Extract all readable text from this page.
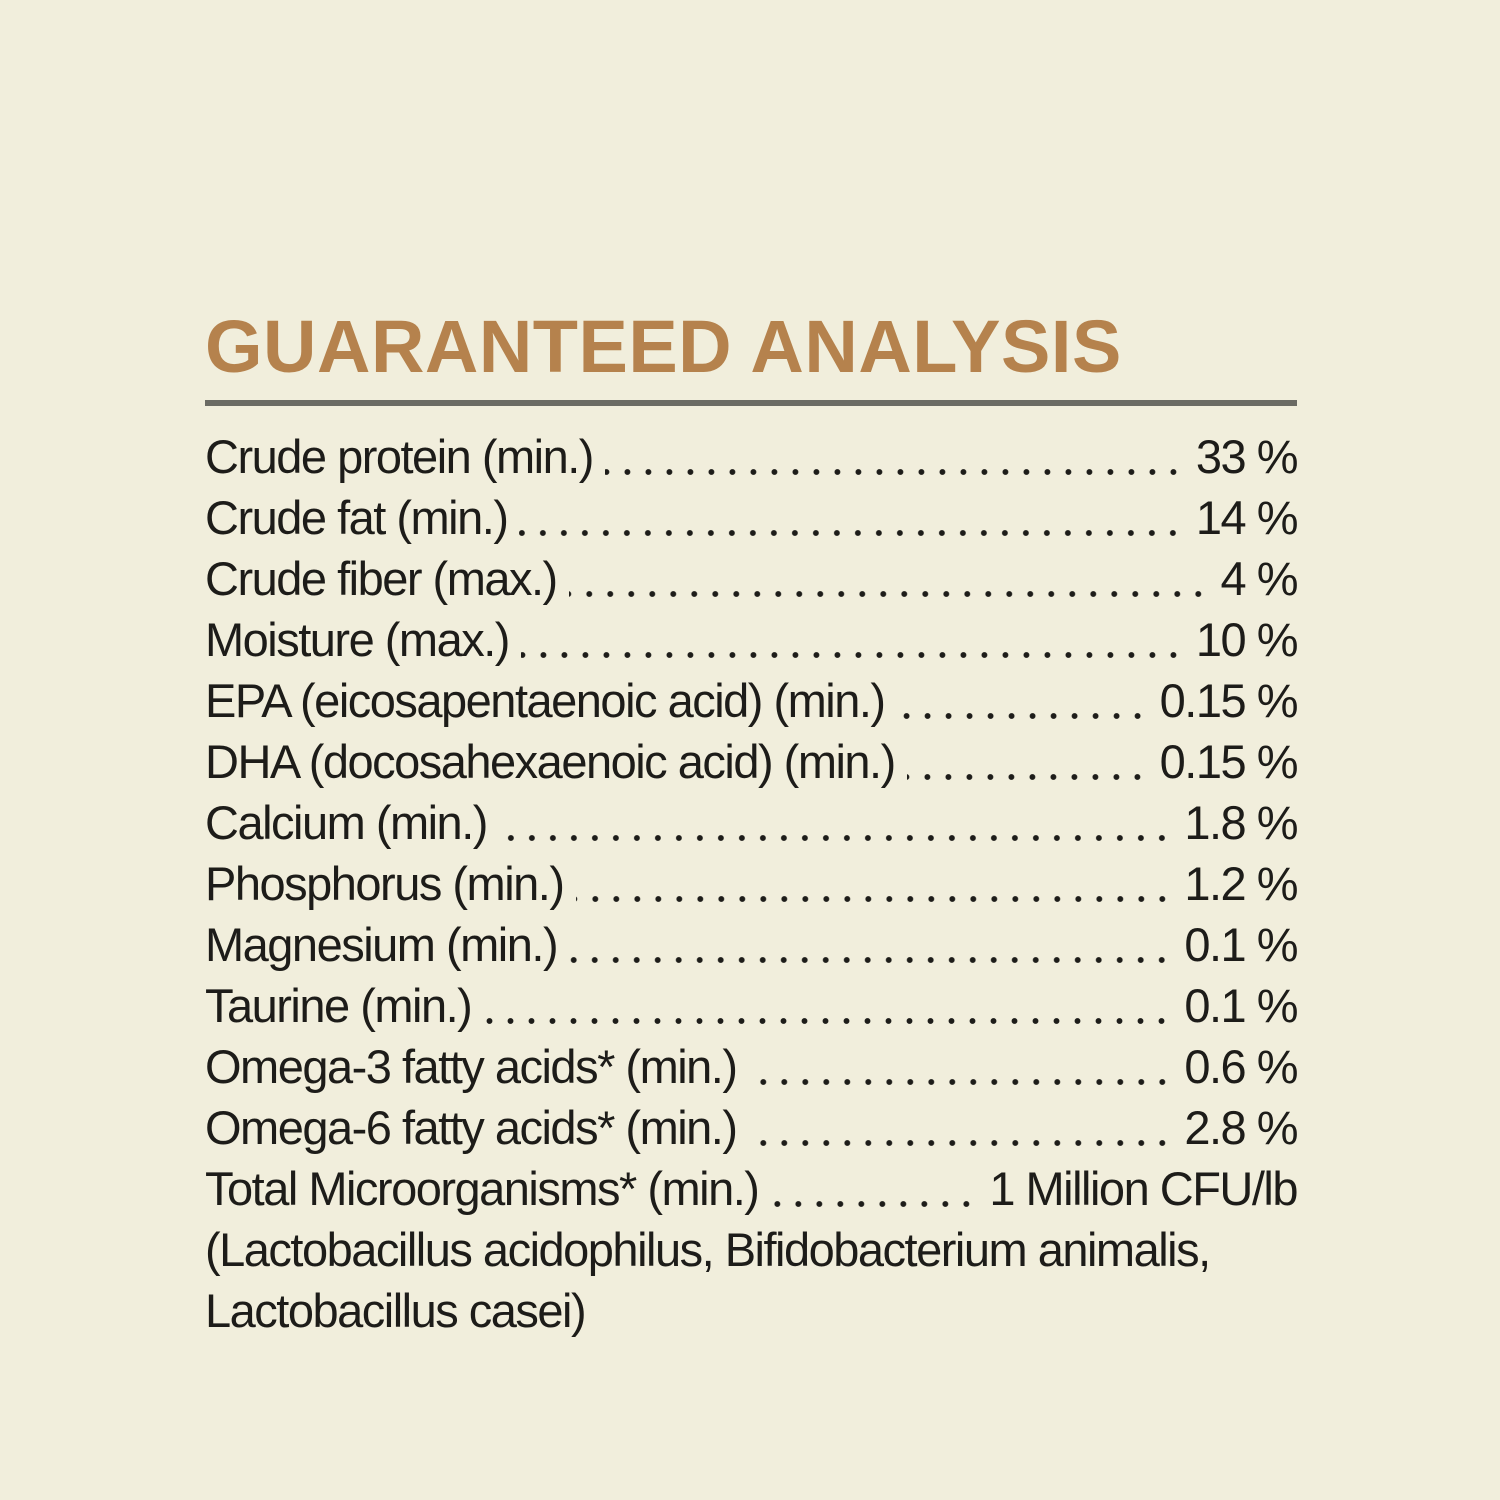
GUARANTEED ANALYSIS
Crude protein (min.)	33 %
Crude fat (min.)	14 %
Crude fiber (max.)	4 %
Moisture (max.)	10 %
EPA (eicosapentaenoic acid) (min.)	0.15 %
DHA (docosahexaenoic acid) (min.)	0.15 %
Calcium (min.)	1.8 %
Phosphorus (min.)	1.2 %
Magnesium (min.)	0.1 %
Taurine (min.)	0.1 %
Omega-3 fatty acids* (min.)	0.6 %
Omega-6 fatty acids* (min.)	2.8 %
Total Microorganisms* (min.)	1 Million CFU/lb
(Lactobacillus acidophilus, Bifidobacterium animalis,
Lactobacillus casei)
